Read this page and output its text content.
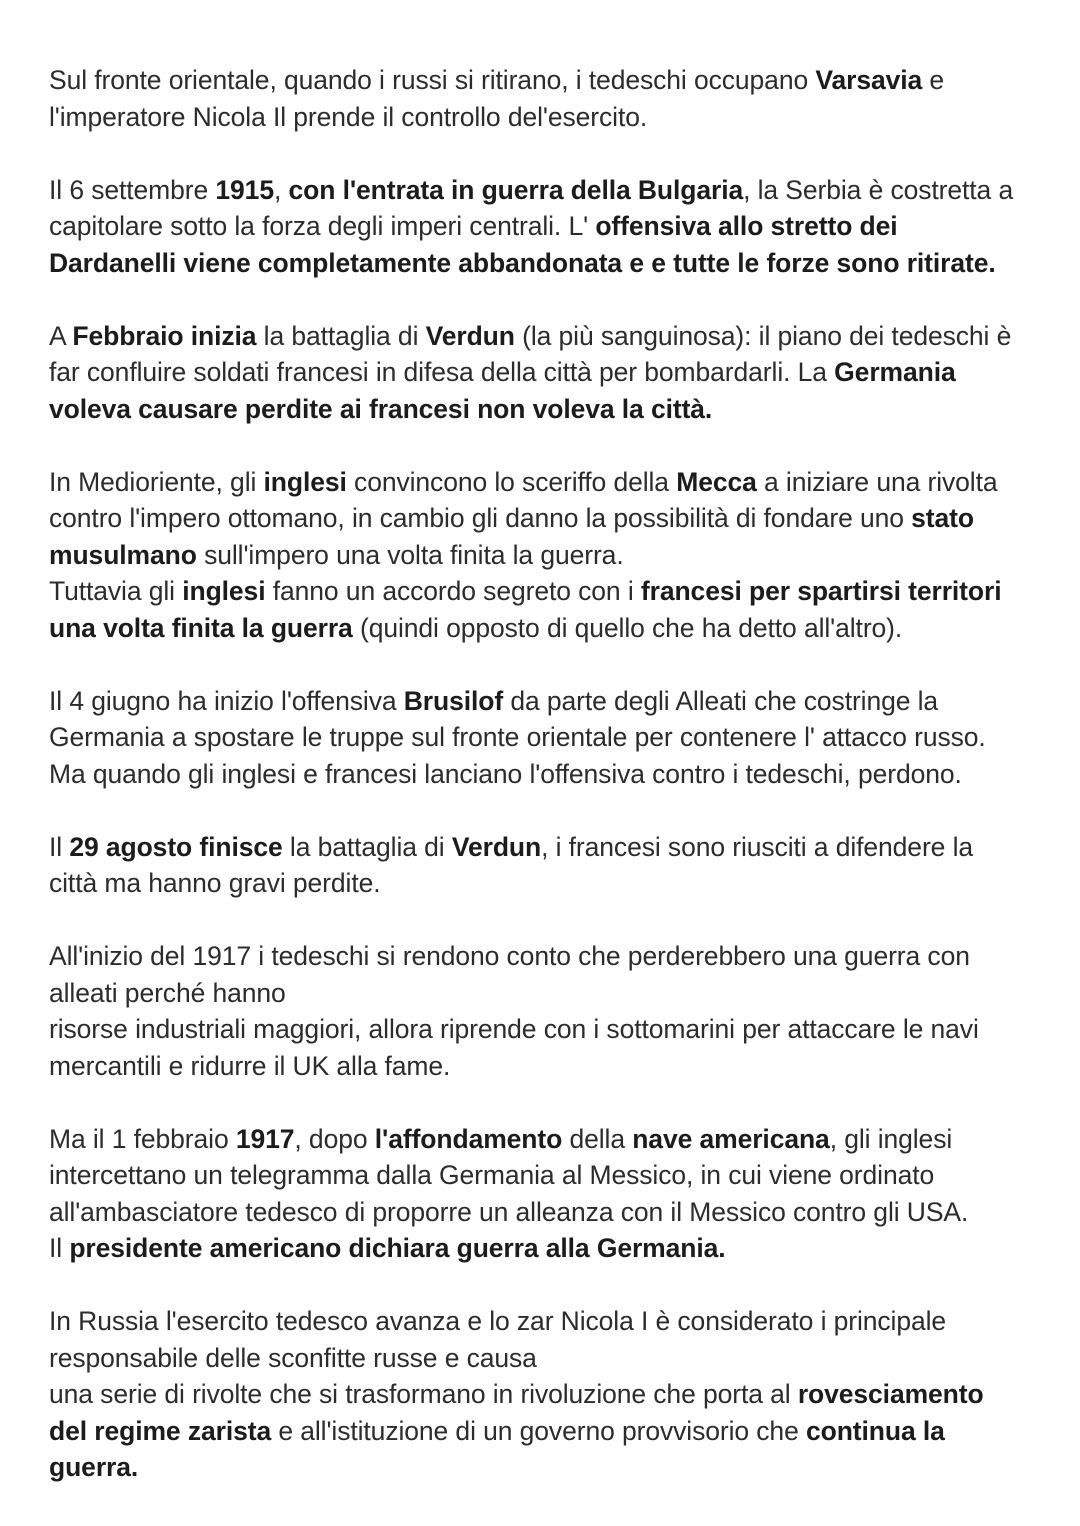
Sul fronte orientale, quando i russi si ritirano, i tedeschi occupano Varsavia e
l'imperatore Nicola Il prende il controllo del'esercito.

Il 6 settembre 1915, con l'entrata in guerra della Bulgaria, la Serbia è costretta a
capitolare sotto la forza degli imperi centrali. L' offensiva allo stretto dei
Dardanelli viene completamente abbandonata e e tutte le forze sono ritirate.

A Febbraio inizia la battaglia di Verdun (la più sanguinosa): il piano dei tedeschi è
far confluire soldati francesi in difesa della città per bombardarli. La Germania
voleva causare perdite ai francesi non voleva la città.

In Medioriente, gli inglesi convincono lo sceriffo della Mecca a iniziare una rivolta
contro l'impero ottomano, in cambio gli danno la possibilità di fondare uno stato
musulmano sull'impero una volta finita la guerra.
Tuttavia gli inglesi fanno un accordo segreto con i francesi per spartirsi territori
una volta finita la guerra (quindi opposto di quello che ha detto all'altro).

Il 4 giugno ha inizio l'offensiva Brusilof da parte degli Alleati che costringe la
Germania a spostare le truppe sul fronte orientale per contenere l' attacco russo.
Ma quando gli inglesi e francesi lanciano l'offensiva contro i tedeschi, perdono.

Il 29 agosto finisce la battaglia di Verdun, i francesi sono riusciti a difendere la
città ma hanno gravi perdite.

All'inizio del 1917 i tedeschi si rendono conto che perderebbero una guerra con
alleati perché hanno
risorse industriali maggiori, allora riprende con i sottomarini per attaccare le navi
mercantili e ridurre il UK alla fame.

Ma il 1 febbraio 1917, dopo l'affondamento della nave americana, gli inglesi
intercettano un telegramma dalla Germania al Messico, in cui viene ordinato
all'ambasciatore tedesco di proporre un alleanza con il Messico contro gli USA.
Il presidente americano dichiara guerra alla Germania.

In Russia l'esercito tedesco avanza e lo zar Nicola I è considerato i principale
responsabile delle sconfitte russe e causa
una serie di rivolte che si trasformano in rivoluzione che porta al rovesciamento
del regime zarista e all'istituzione di un governo provvisorio che continua la
guerra.
